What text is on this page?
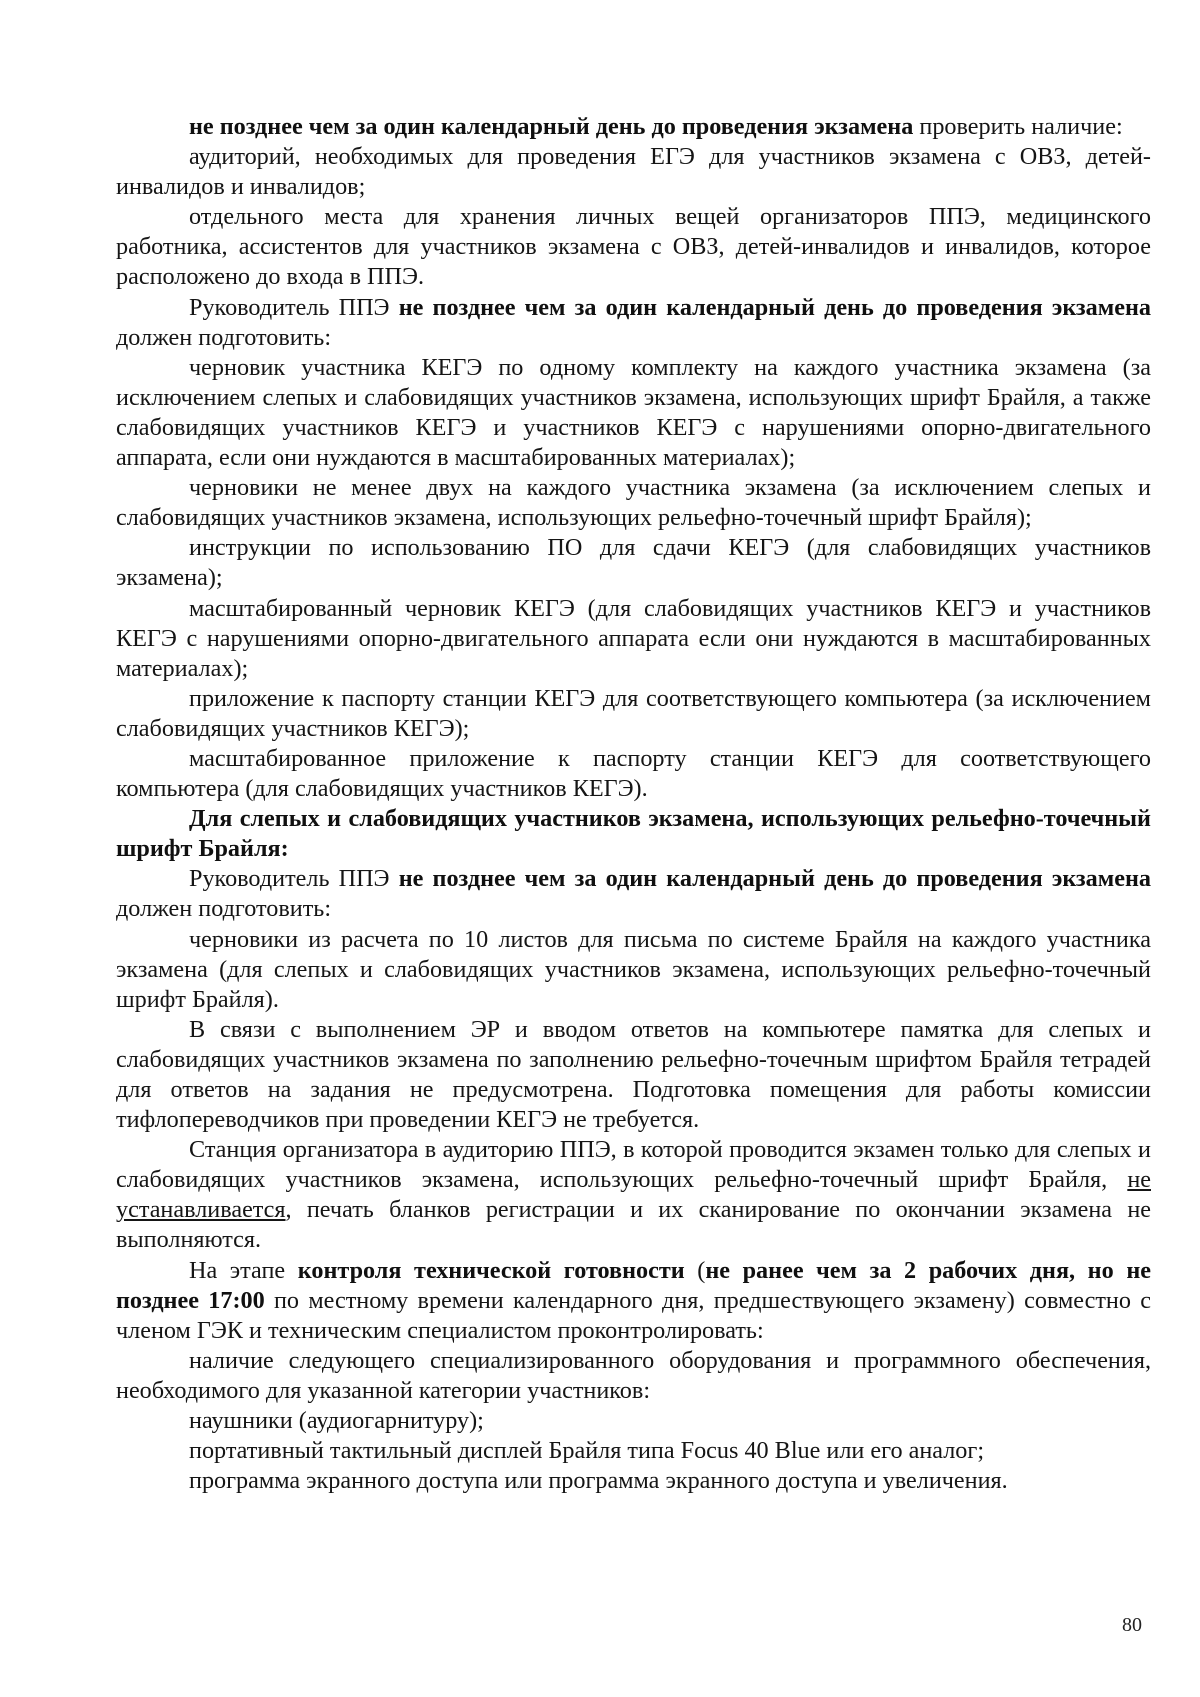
не позднее чем за один календарный день до проведения экзамена проверить наличие:

аудиторий, необходимых для проведения ЕГЭ для участников экзамена с ОВЗ, детей-инвалидов и инвалидов;

отдельного места для хранения личных вещей организаторов ППЭ, медицинского работника, ассистентов для участников экзамена с ОВЗ, детей-инвалидов и инвалидов, которое расположено до входа в ППЭ.

Руководитель ППЭ не позднее чем за один календарный день до проведения экзамена должен подготовить:

черновик участника КЕГЭ по одному комплекту на каждого участника экзамена (за исключением слепых и слабовидящих участников экзамена, использующих шрифт Брайля, а также слабовидящих участников КЕГЭ и участников КЕГЭ с нарушениями опорно-двигательного аппарата, если они нуждаются в масштабированных материалах);

черновики не менее двух на каждого участника экзамена (за исключением слепых и слабовидящих участников экзамена, использующих рельефно-точечный шрифт Брайля);

инструкции по использованию ПО для сдачи КЕГЭ (для слабовидящих участников экзамена);

масштабированный черновик КЕГЭ (для слабовидящих участников КЕГЭ и участников КЕГЭ с нарушениями опорно-двигательного аппарата если они нуждаются в масштабированных материалах);

приложение к паспорту станции КЕГЭ для соответствующего компьютера (за исключением слабовидящих участников КЕГЭ);

масштабированное приложение к паспорту станции КЕГЭ для соответствующего компьютера (для слабовидящих участников КЕГЭ).

Для слепых и слабовидящих участников экзамена, использующих рельефно-точечный шрифт Брайля:

Руководитель ППЭ не позднее чем за один календарный день до проведения экзамена должен подготовить:

черновики из расчета по 10 листов для письма по системе Брайля на каждого участника экзамена (для слепых и слабовидящих участников экзамена, использующих рельефно-точечный шрифт Брайля).

В связи с выполнением ЭР и вводом ответов на компьютере памятка для слепых и слабовидящих участников экзамена по заполнению рельефно-точечным шрифтом Брайля тетрадей для ответов на задания не предусмотрена. Подготовка помещения для работы комиссии тифлопереводчиков при проведении КЕГЭ не требуется.

Станция организатора в аудиторию ППЭ, в которой проводится экзамен только для слепых и слабовидящих участников экзамена, использующих рельефно-точечный шрифт Брайля, не устанавливается, печать бланков регистрации и их сканирование по окончании экзамена не выполняются.

На этапе контроля технической готовности (не ранее чем за 2 рабочих дня, но не позднее 17:00 по местному времени календарного дня, предшествующего экзамену) совместно с членом ГЭК и техническим специалистом проконтролировать:

наличие следующего специализированного оборудования и программного обеспечения, необходимого для указанной категории участников:

наушники (аудиогарнитуру);

портативный тактильный дисплей Брайля типа Focus 40 Blue или его аналог;

программа экранного доступа или программа экранного доступа и увеличения.

80
